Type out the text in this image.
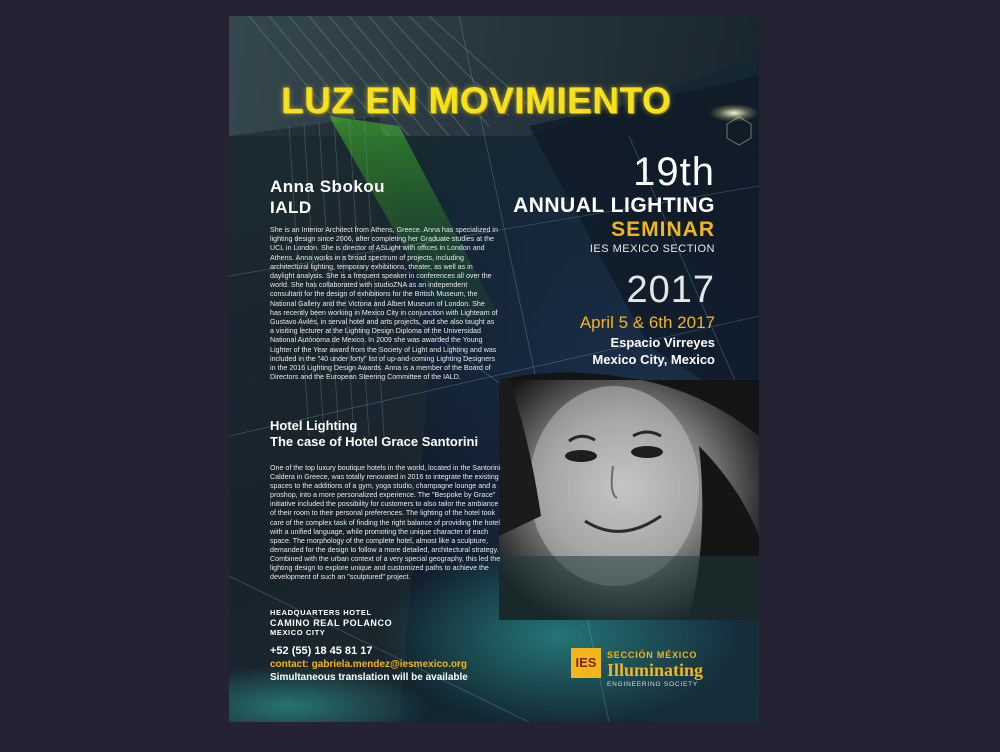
LUZ EN MOVIMIENTO
19th
ANNUAL LIGHTING
SEMINAR
IES MEXICO SECTION
2017
April 5 & 6th 2017
Espacio Virreyes
Mexico City, Mexico
Anna Sbokou
IALD
She is an Interior Architect from Athens, Greece. Anna has specialized in lighting design since 2006, after completing her Graduate studies at the UCL in London. She is director of ASLight with offices in London and Athens. Anna works in a broad spectrum of projects, including architectural lighting, temporary exhibitions, theater, as well as in daylight analysis. She is a frequent speaker in conferences all over the world. She has collaborated with studioZNA as an independent consultant for the design of exhibitions for the British Museum, the National Gallery and the Victoria and Albert Museum of London. She has recently been working in Mexico City in conjunction with Lighteam of Gustavo Avilés, in serval hotel and arts projects, and she also taught as a visiting lecturer at the Lighting Design Diploma of the Universidad National Autónoma de Mexico. In 2009 she was awarded the Young Lighter of the Year award from the Society of Light and Lighting and was included in the "40 under forty" list of up-and-coming Lighting Designers in the 2016 Lighting Design Awards. Anna is a member of the Board of Directors and the European Steering Committee of the IALD.
Hotel Lighting
The case of Hotel Grace Santorini
One of the top luxury boutique hotels in the world, located in the Santorini Caldera in Greece, was totally renovated in 2016 to integrate the existing spaces to the additions of a gym, yoga studio, champagne lounge and a proshop, into a more personalized experience. The "Bespoke by Grace" initiative included the possibility for customers to also tailor the ambiance of their room to their personal preferences. The lighting of the hotel took care of the complex task of finding the right balance of providing the hotel with a unified language, while promoting the unique character of each space. The morphology of the complete hotel, almost like a sculpture, demanded for the design to follow a more detailed, architectural strategy. Combined with the urban context of a very special geography, this led the lighting design to explore unique and customized paths to achieve the development of such an "sculptured" project.
HEADQUARTERS HOTEL
CAMINO REAL POLANCO
MEXICO CITY
+52 (55) 18 45 81 17
contact: gabriela.mendez@iesmexico.org
Simultaneous translation will be available
IES	SECCIÓN MÉXICO
Illuminating
ENGINEERING SOCIETY
